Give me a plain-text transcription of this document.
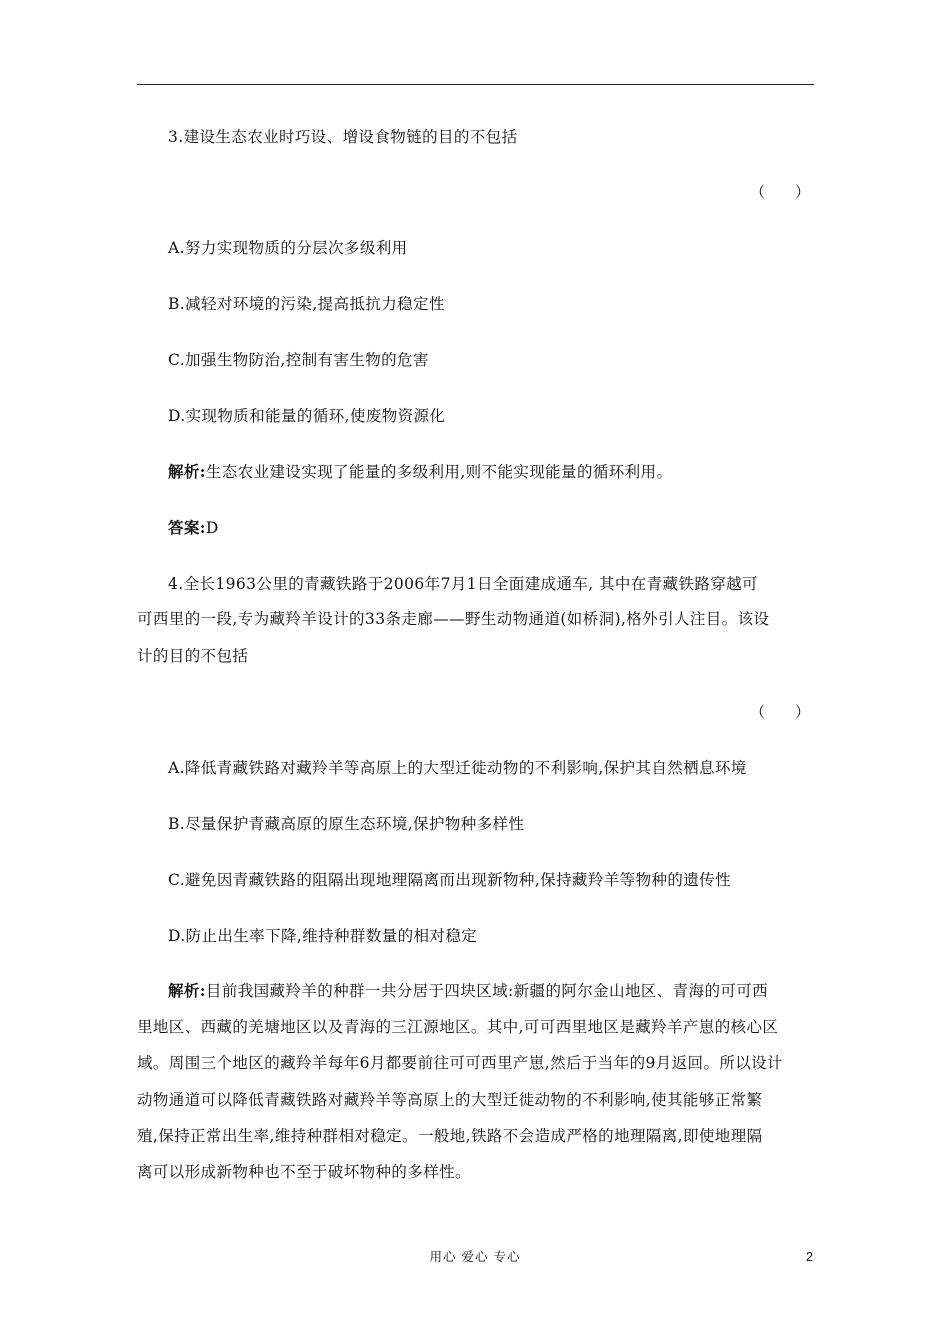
3.建设生态农业时巧设、增设食物链的目的不包括
（　　）
A.努力实现物质的分层次多级利用
B.减轻对环境的污染,提高抵抗力稳定性
C.加强生物防治,控制有害生物的危害
D.实现物质和能量的循环,使废物资源化
解析:生态农业建设实现了能量的多级利用,则不能实现能量的循环利用。
答案:D
4.全长1963公里的青藏铁路于2006年7月1日全面建成通车, 其中在青藏铁路穿越可
可西里的一段,专为藏羚羊设计的33条走廊——野生动物通道(如桥洞),格外引人注目。该设
计的目的不包括
（　　）
A.降低青藏铁路对藏羚羊等高原上的大型迁徙动物的不利影响,保护其自然栖息环境
B.尽量保护青藏高原的原生态环境,保护物种多样性
C.避免因青藏铁路的阻隔出现地理隔离而出现新物种,保持藏羚羊等物种的遗传性
D.防止出生率下降,维持种群数量的相对稳定
解析:目前我国藏羚羊的种群一共分居于四块区域:新疆的阿尔金山地区、青海的可可西
里地区、西藏的羌塘地区以及青海的三江源地区。其中,可可西里地区是藏羚羊产崽的核心区
域。周围三个地区的藏羚羊每年6月都要前往可可西里产崽,然后于当年的9月返回。所以设计
动物通道可以降低青藏铁路对藏羚羊等高原上的大型迁徙动物的不利影响,使其能够正常繁
殖,保持正常出生率,维持种群相对稳定。一般地,铁路不会造成严格的地理隔离,即使地理隔
离可以形成新物种也不至于破坏物种的多样性。
用心 爱心 专心	2
